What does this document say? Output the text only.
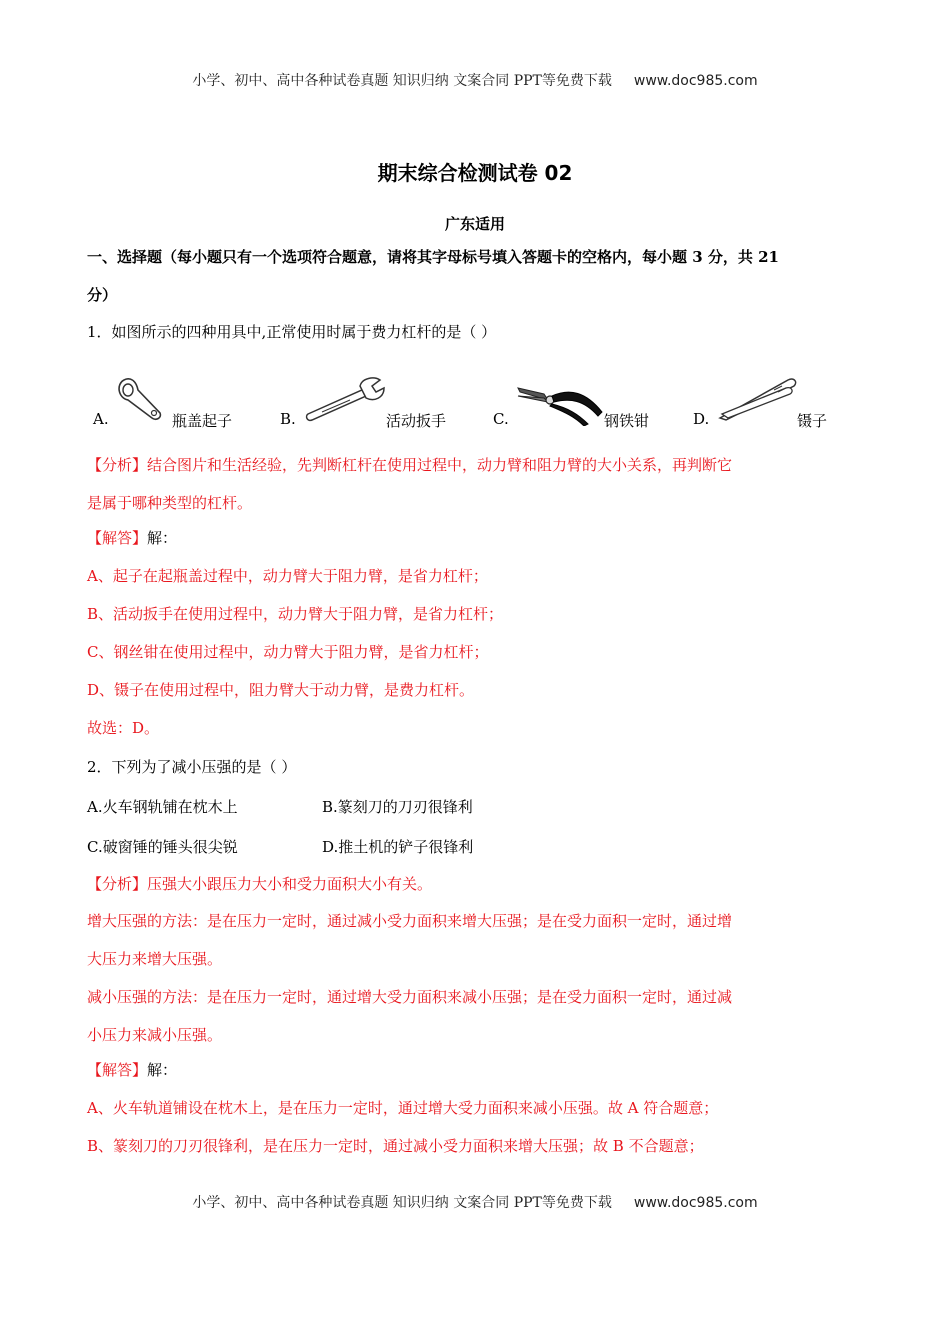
小学、初中、高中各种试卷真题 知识归纳 文案合同 PPT等免费下载 www.doc985.com
期末综合检测试卷 02
广东适用
一、选择题（每小题只有一个选项符合题意，请将其字母标号填入答题卡的空格内，每小题 3 分，共 21
分）
1．如图所示的四种用具中,正常使用时属于费力杠杆的是（ ）
A.	瓶盖起子	B.	活动扳手	C.	钢铁钳	D.	镊子
【分析】结合图片和生活经验，先判断杠杆在使用过程中，动力臂和阻力臂的大小关系，再判断它
是属于哪种类型的杠杆。
【解答】解：
A、起子在起瓶盖过程中，动力臂大于阻力臂，是省力杠杆；
B、活动扳手在使用过程中，动力臂大于阻力臂，是省力杠杆；
C、钢丝钳在使用过程中，动力臂大于阻力臂，是省力杠杆；
D、镊子在使用过程中，阻力臂大于动力臂，是费力杠杆。
故选：D。
2．下列为了减小压强的是（ ）
A.火车钢轨铺在枕木上	B.篆刻刀的刀刃很锋利
C.破窗锤的锤头很尖锐	D.推土机的铲子很锋利
【分析】压强大小跟压力大小和受力面积大小有关。
增大压强的方法：是在压力一定时，通过减小受力面积来增大压强；是在受力面积一定时，通过增
大压力来增大压强。
减小压强的方法：是在压力一定时，通过增大受力面积来减小压强；是在受力面积一定时，通过减
小压力来减小压强。
【解答】解：
A、火车轨道铺设在枕木上，是在压力一定时，通过增大受力面积来减小压强。故 A 符合题意；
B、篆刻刀的刀刃很锋利，是在压力一定时，通过减小受力面积来增大压强；故 B 不合题意；
小学、初中、高中各种试卷真题 知识归纳 文案合同 PPT等免费下载 www.doc985.com
